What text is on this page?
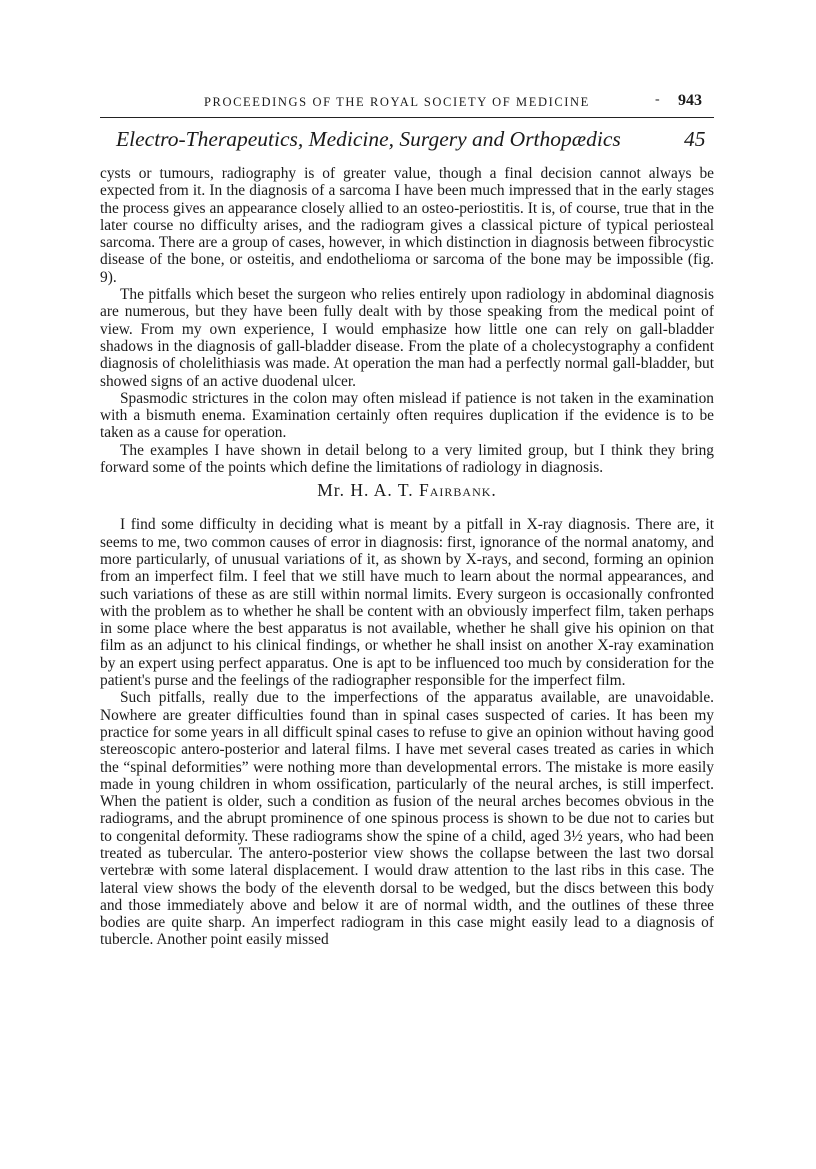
PROCEEDINGS OF THE ROYAL SOCIETY OF MEDICINE	- 943
Electro-Therapeutics, Medicine, Surgery and Orthopædics	45

cysts or tumours, radiography is of greater value, though a final decision cannot always be expected from it. In the diagnosis of a sarcoma I have been much impressed that in the early stages the process gives an appearance closely allied to an osteo-periostitis. It is, of course, true that in the later course no difficulty arises, and the radiogram gives a classical picture of typical periosteal sarcoma. There are a group of cases, however, in which distinction in diagnosis between fibrocystic disease of the bone, or osteitis, and endothelioma or sarcoma of the bone may be impossible (fig. 9).

The pitfalls which beset the surgeon who relies entirely upon radiology in abdominal diagnosis are numerous, but they have been fully dealt with by those speaking from the medical point of view. From my own experience, I would emphasize how little one can rely on gall-bladder shadows in the diagnosis of gall-bladder disease. From the plate of a cholecystography a confident diagnosis of cholelithiasis was made. At operation the man had a perfectly normal gall-bladder, but showed signs of an active duodenal ulcer.

Spasmodic strictures in the colon may often mislead if patience is not taken in the examination with a bismuth enema. Examination certainly often requires duplication if the evidence is to be taken as a cause for operation.

The examples I have shown in detail belong to a very limited group, but I think they bring forward some of the points which define the limitations of radiology in diagnosis.

Mr. H. A. T. Fairbank.

I find some difficulty in deciding what is meant by a pitfall in X-ray diagnosis. There are, it seems to me, two common causes of error in diagnosis: first, ignorance of the normal anatomy, and more particularly, of unusual variations of it, as shown by X-rays, and second, forming an opinion from an imperfect film. I feel that we still have much to learn about the normal appearances, and such variations of these as are still within normal limits. Every surgeon is occasionally confronted with the problem as to whether he shall be content with an obviously imperfect film, taken perhaps in some place where the best apparatus is not available, whether he shall give his opinion on that film as an adjunct to his clinical findings, or whether he shall insist on another X-ray examination by an expert using perfect apparatus. One is apt to be influenced too much by consideration for the patient's purse and the feelings of the radiographer responsible for the imperfect film.

Such pitfalls, really due to the imperfections of the apparatus available, are unavoidable. Nowhere are greater difficulties found than in spinal cases suspected of caries. It has been my practice for some years in all difficult spinal cases to refuse to give an opinion without having good stereoscopic antero-posterior and lateral films. I have met several cases treated as caries in which the “spinal deformities” were nothing more than developmental errors. The mistake is more easily made in young children in whom ossification, particularly of the neural arches, is still imperfect. When the patient is older, such a condition as fusion of the neural arches becomes obvious in the radiograms, and the abrupt prominence of one spinous process is shown to be due not to caries but to congenital deformity. These radiograms show the spine of a child, aged 3½ years, who had been treated as tubercular. The antero-posterior view shows the collapse between the last two dorsal vertebræ with some lateral displacement. I would draw attention to the last ribs in this case. The lateral view shows the body of the eleventh dorsal to be wedged, but the discs between this body and those immediately above and below it are of normal width, and the outlines of these three bodies are quite sharp. An imperfect radiogram in this case might easily lead to a diagnosis of tubercle. Another point easily missed
